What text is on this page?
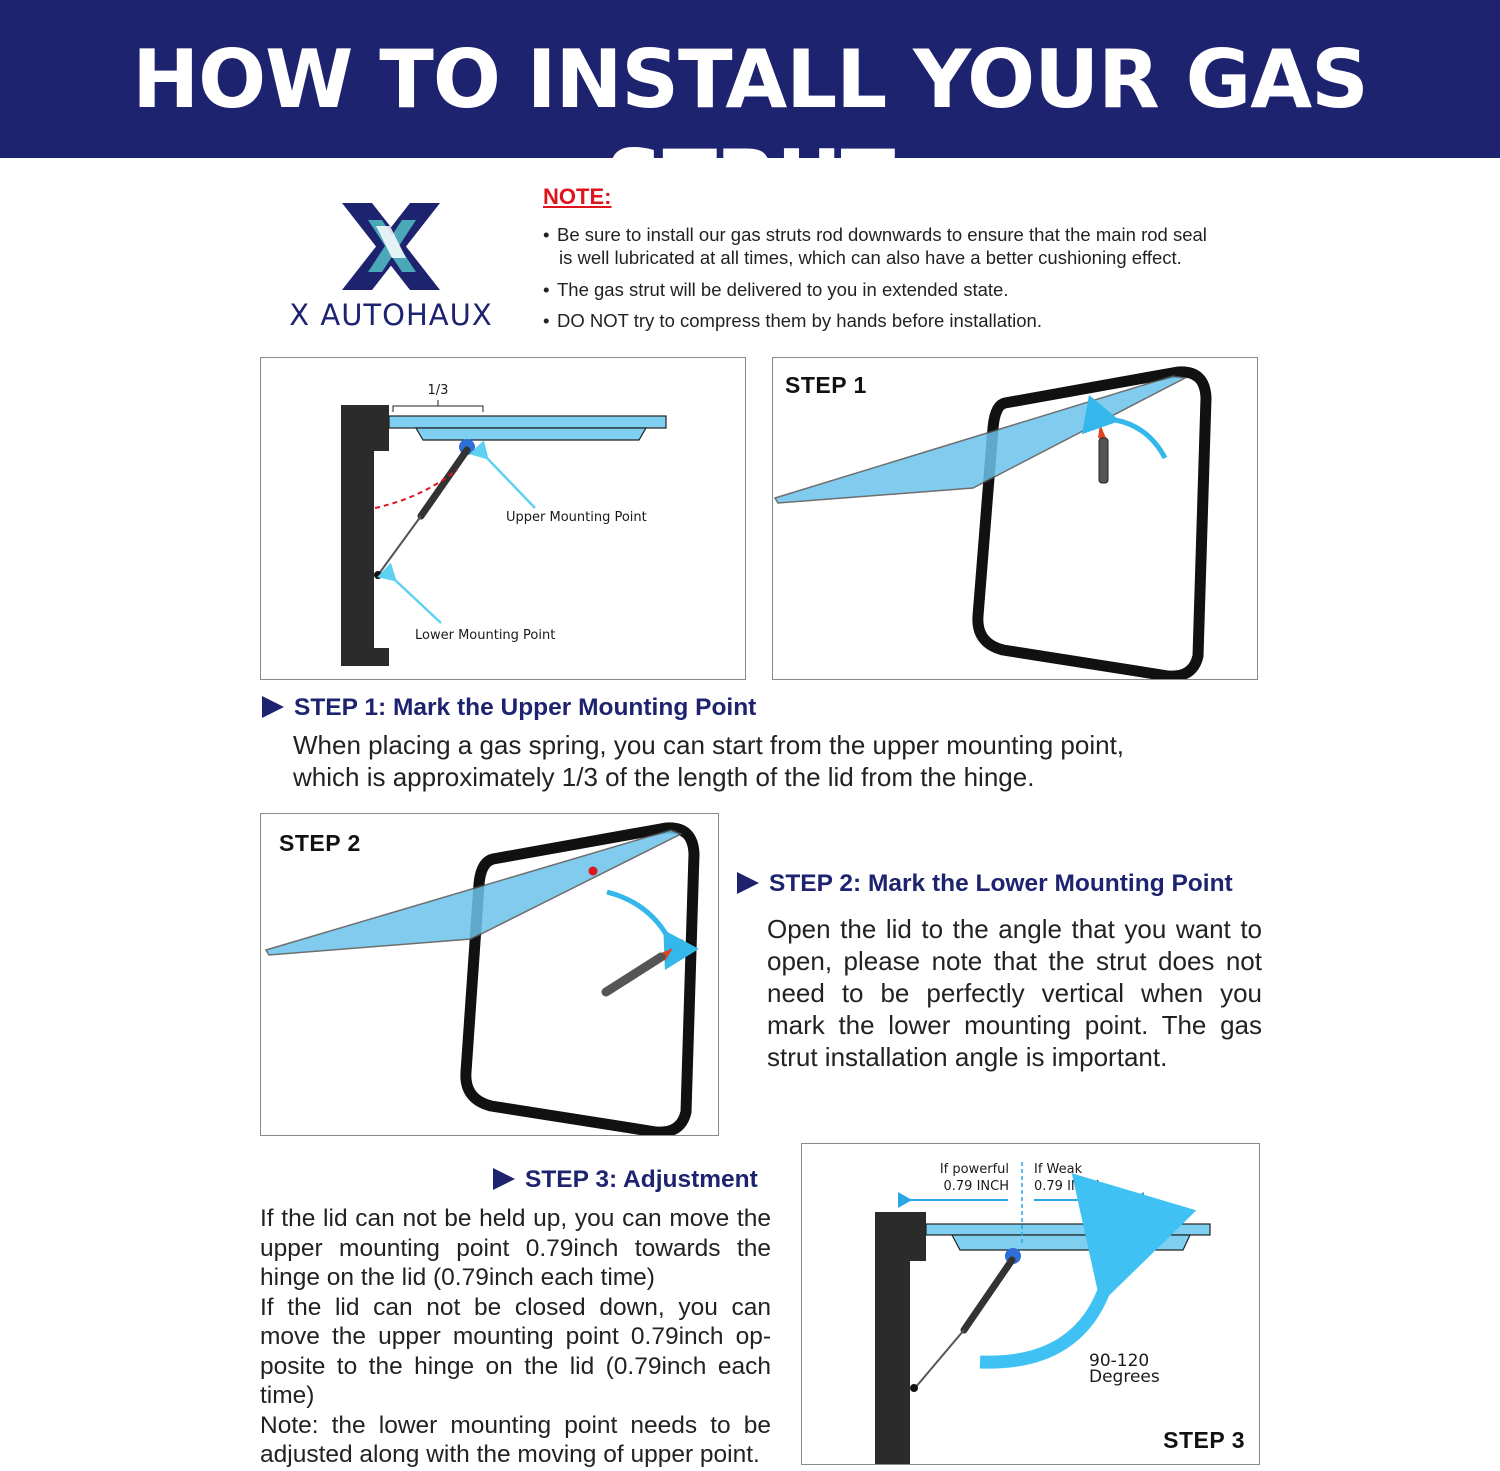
HOW TO INSTALL YOUR GAS STRUT
X AUTOHAUX
NOTE:
• Be sure to install our gas struts rod downwards to ensure that the main rod seal
is well lubricated at all times, which can also have a better cushioning effect.
• The gas strut will be delivered to you in extended state.
• DO NOT try to compress them by hands before installation.
1/3
Upper Mounting Point
Lower Mounting Point
STEP 1
STEP 1: Mark the Upper Mounting Point
When placing a gas spring, you can start from the upper mounting point,
which is approximately 1/3 of the length of the lid from the hinge.
STEP 2
STEP 2: Mark the Lower Mounting Point
Open the lid to the angle that you want to open, please note that the strut does not need to be perfectly vertical when you mark the lower mounting point. The gas strut installation angle is important.
STEP 3: Adjustment

If the lid can not be held up, you can move the upper mounting point 0.79inch towards the hinge on the lid (0.79inch each time)

If the lid can not be closed down, you can move the upper mounting point 0.79inch op-posite to the hinge on the lid (0.79inch each time)

Note: the lower mounting point needs to be adjusted along with the moving of upper point.

If powerful
0.79 INCH
If Weak
0.79 INCH
90-120
Degrees
STEP 3
